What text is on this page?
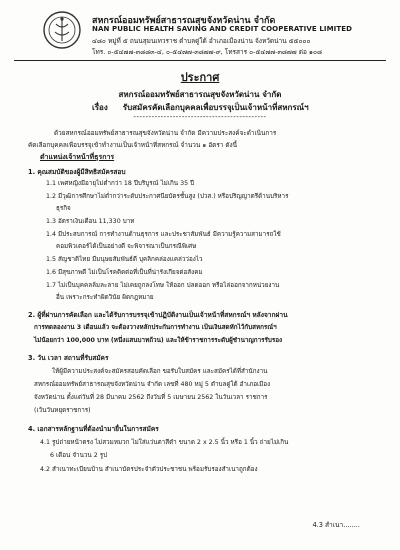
สหกรณ์ออมทรัพย์สาธารณสุขจังหวัดน่าน จำกัด
NAN PUBLIC HEALTH SAVING AND CREDIT COOPERATIVE LIMITED
๔๘๐ หมู่ที่ ๕ ถนนสุมนเทวราช ตำบลดู่ใต้ อำเภอเมืองน่าน จังหวัดน่าน ๕๕๐๐๐
โทร. ๐-๕๔๗๗-๓๘๘๓-๔, ๐-๕๔๗๗-๓๘๗๗-๙, โทรสาร ๐-๕๔๗๗-๓๘๗๗ ต่อ ๑๐๘
ประกาศ
สหกรณ์ออมทรัพย์สาธารณสุขจังหวัดน่าน จำกัด
เรื่อง รับสมัครคัดเลือกบุคคลเพื่อบรรจุเป็นเจ้าหน้าที่สหกรณ์ฯ
--------------------------------------------
ด้วยสหกรณ์ออมทรัพย์สาธารณสุขจังหวัดน่าน จำกัด มีความประสงค์จะดำเนินการ
คัดเลือกบุคคลเพื่อบรรจุเข้าทำงานเป็นเจ้าหน้าที่สหกรณ์ จำนวน ๑ อัตรา ดังนี้
ตำแหน่งเจ้าหน้าที่ธุรการ
1. คุณสมบัติของผู้มีสิทธิสมัครสอบ
1.1 เพศหญิงมีอายุไม่ต่ำกว่า 18 ปีบริบูรณ์ ไม่เกิน 35 ปี
1.2 มีวุฒิการศึกษาไม่ต่ำกว่าระดับประกาศนียบัตรชั้นสูง (ปวส.) หรือปริญญาตรีด้านบริหาร
ธุรกิจ
1.3 อัตราเงินเดือน 11,330 บาท
1.4 มีประสบการณ์ การทำงานด้านธุรการ และประชาสัมพันธ์ มีความรู้ความสามารถใช้
คอมพิวเตอร์ได้เป็นอย่างดี จะพิจารณาเป็นกรณีพิเศษ
1.5 สัญชาติไทย มีมนุษยสัมพันธ์ดี บุคลิกคล่องแคล่วว่องไว
1.6 มีสุขภาพดี ไม่เป็นโรคติดต่อที่เป็นที่น่ารังเกียจต่อสังคม
1.7 ไม่เป็นบุคคลล้มละลาย ไม่เคยถูกลงโทษ ให้ออก ปลดออก หรือไล่ออกจากหน่วยงาน
อื่น เพราะกระทำผิดวินัย ผิดกฎหมาย
2. ผู้ที่ผ่านการคัดเลือก และได้รับการบรรจุเข้าปฏิบัติงานเป็นเจ้าหน้าที่สหกรณ์ฯ หลังจากผ่าน
การทดลองงาน 3 เดือนแล้ว จะต้องวางหลักประกันการทำงาน เป็นเงินสดหักไว้กับสหกรณ์ฯ
ไม่น้อยกว่า 100,000 บาท (หนึ่งแสนบาทถ้วน) และให้ข้าราชการระดับผู้ชำนาญการรับรอง
3. วัน เวลา สถานที่รับสมัคร
ให้ผู้มีความประสงค์จะสมัครสอบคัดเลือก ขอรับใบสมัคร และสมัครได้ที่สำนักงาน
สหกรณ์ออมทรัพย์สาธารณสุขจังหวัดน่าน จำกัด เลขที่ 480 หมู่ 5 ตำบลดู่ใต้ อำเภอเมือง
จังหวัดน่าน ตั้งแต่วันที่ 28 มีนาคม 2562 ถึงวันที่ 5 เมษายน 2562 ในวันเวลา ราชการ
(เว้นวันหยุดราชการ)
4. เอกสารหลักฐานที่ต้องนำมายื่นในการสมัคร
4.1 รูปถ่ายหน้าตรง ไม่สวมหมวก ไม่ใส่แว่นตาสีดำ ขนาด 2 x 2.5 นิ้ว หรือ 1 นิ้ว ถ่ายไม่เกิน
6 เดือน จำนวน 2 รูป
4.2 สำเนาทะเบียนบ้าน สำเนาบัตรประจำตัวประชาชน พร้อมรับรองสำเนาถูกต้อง
4.3 สำเนา........
